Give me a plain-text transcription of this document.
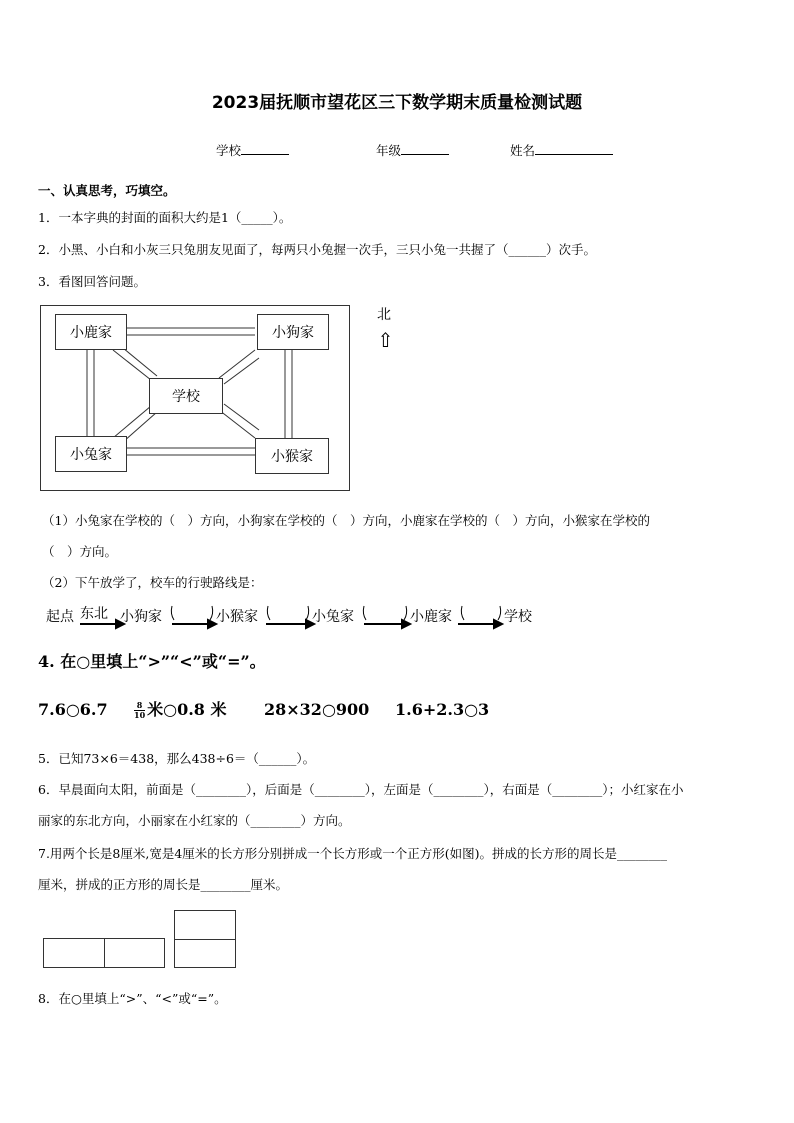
2023届抚顺市望花区三下数学期末质量检测试题
学校	年级	姓名
一、认真思考，巧填空。
1．一本字典的封面的面积大约是1（_____）。
2．小黑、小白和小灰三只兔朋友见面了，每两只小兔握一次手，三只小兔一共握了（______）次手。
3．看图回答问题。
小鹿家	小狗家
学校
小兔家	小猴家
北
⇧
（1）小兔家在学校的（　）方向，小狗家在学校的（　）方向，小鹿家在学校的（　）方向，小猴家在学校的
（　）方向。
（2）下午放学了，校车的行驶路线是：
起点 东北 小狗家	小猴家	小兔家	小鹿家	学校
4. 在○里填上“>”“<”或“=”。
7.6○6.7	$\frac{8}{10}$ 米○0.8 米 28×32○900 1.6+2.3○3
5．已知73×6＝438，那么438÷6＝（______）。
6．早晨面向太阳，前面是（________），后面是（________），左面是（________），右面是（________）；小红家在小
丽家的东北方向，小丽家在小红家的（________）方向。
7.用两个长是8厘米,宽是4厘米的长方形分别拼成一个长方形或一个正方形(如图)。拼成的长方形的周长是________
厘米，拼成的正方形的周长是________厘米。
8．在○里填上“>”、“<”或“=”。
